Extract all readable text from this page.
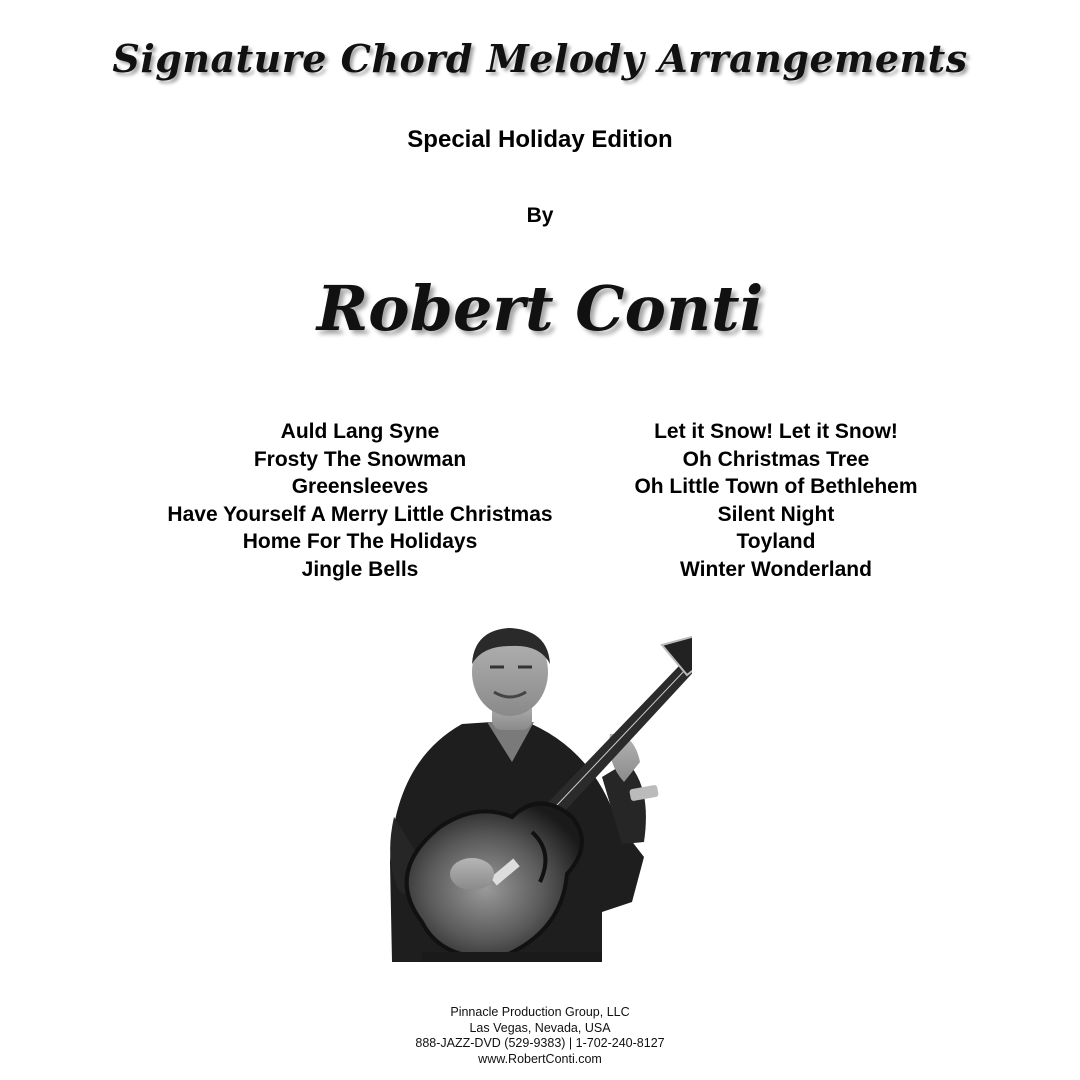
Signature Chord Melody Arrangements
Special Holiday Edition
By
Robert Conti
Auld Lang Syne
Frosty The Snowman
Greensleeves
Have Yourself A Merry Little Christmas
Home For The Holidays
Jingle Bells
Let it Snow! Let it Snow!
Oh Christmas Tree
Oh Little Town of Bethlehem
Silent Night
Toyland
Winter Wonderland
Pinnacle Production Group, LLC
Las Vegas, Nevada, USA
888-JAZZ-DVD (529-9383) | 1-702-240-8127
www.RobertConti.com
